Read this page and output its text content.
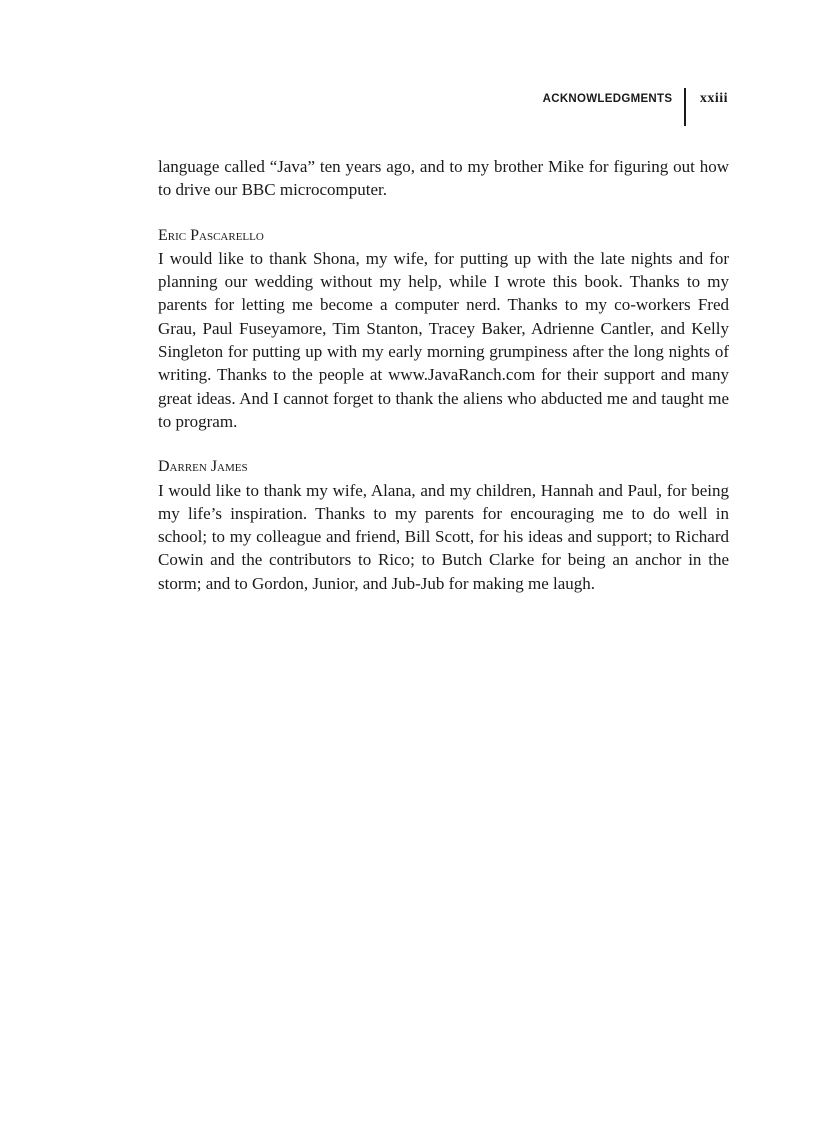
ACKNOWLEDGMENTS xxiii

language called “Java” ten years ago, and to my brother Mike for figuring out how to drive our BBC microcomputer.

Eric Pascarello

I would like to thank Shona, my wife, for putting up with the late nights and for planning our wedding without my help, while I wrote this book. Thanks to my parents for letting me become a computer nerd. Thanks to my co-workers Fred Grau, Paul Fuseyamore, Tim Stanton, Tracey Baker, Adrienne Cantler, and Kelly Singleton for putting up with my early morning grumpiness after the long nights of writing. Thanks to the people at www.JavaRanch.com for their support and many great ideas. And I cannot forget to thank the aliens who abducted me and taught me to program.

Darren James

I would like to thank my wife, Alana, and my children, Hannah and Paul, for being my life’s inspiration. Thanks to my parents for encouraging me to do well in school; to my colleague and friend, Bill Scott, for his ideas and support; to Richard Cowin and the contributors to Rico; to Butch Clarke for being an anchor in the storm; and to Gordon, Junior, and Jub-Jub for making me laugh.
